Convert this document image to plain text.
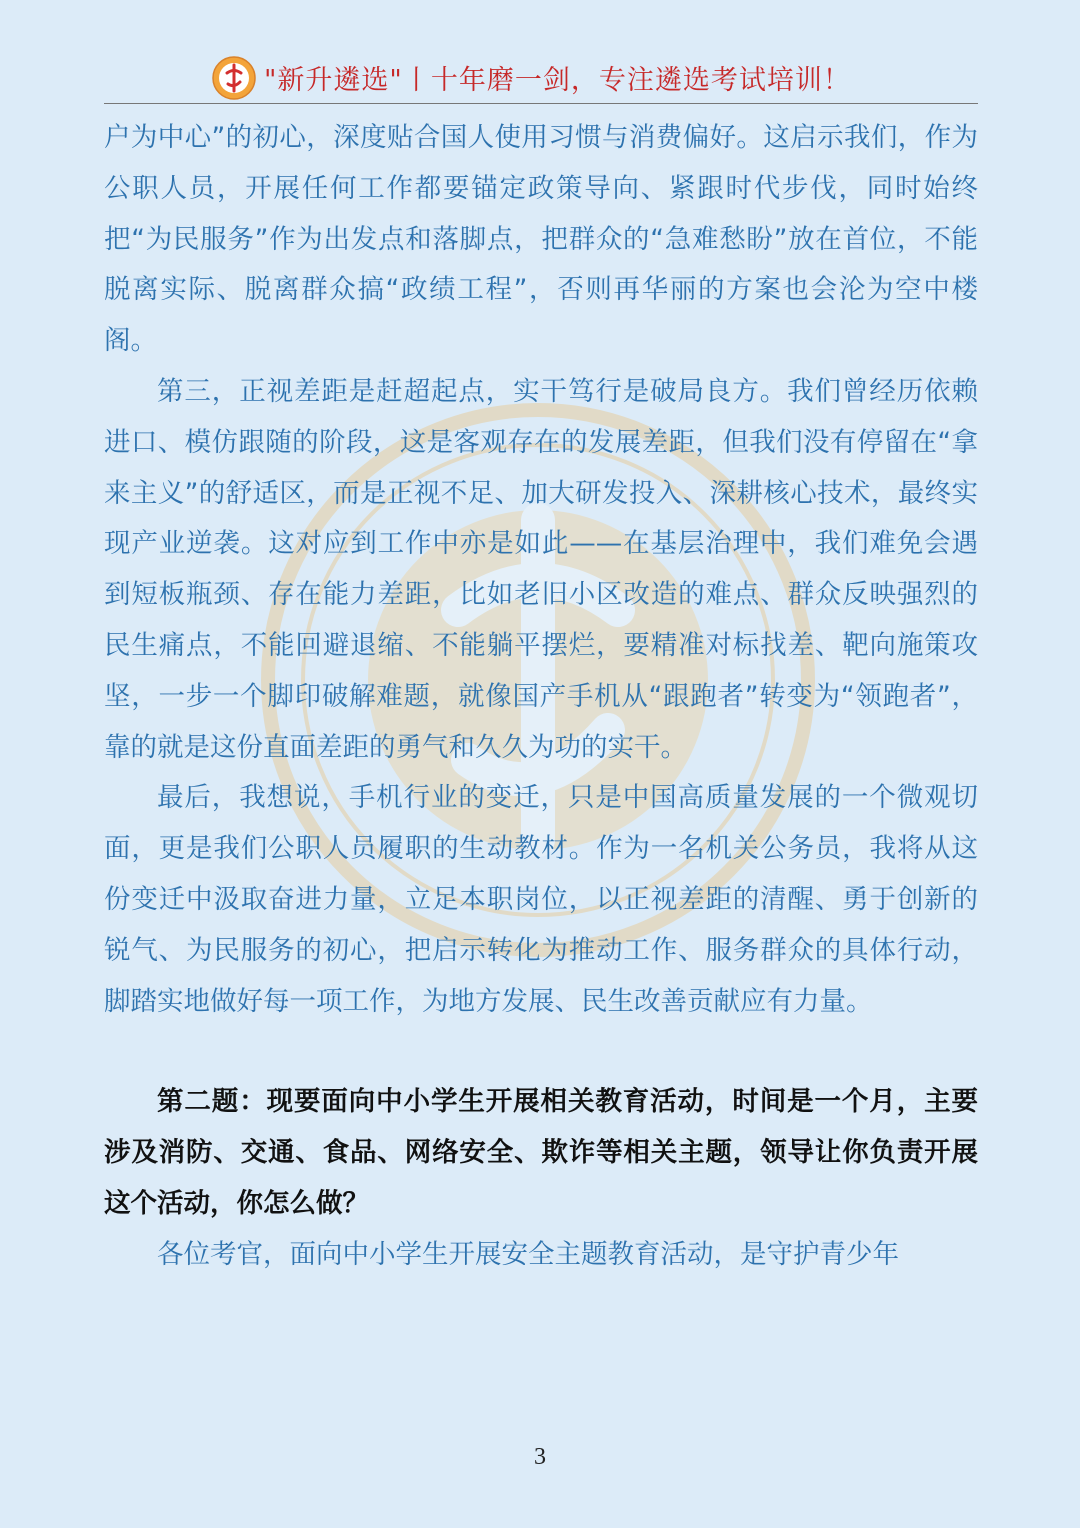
"新升遴选"丨十年磨一剑，专注遴选考试培训！

户为中心”的初心，深度贴合国人使用习惯与消费偏好。这启示我们，作为公职人员，开展任何工作都要锚定政策导向、紧跟时代步伐，同时始终把“为民服务”作为出发点和落脚点，把群众的“急难愁盼”放在首位，不能脱离实际、脱离群众搞“政绩工程”，否则再华丽的方案也会沦为空中楼阁。

第三，正视差距是赶超起点，实干笃行是破局良方。我们曾经历依赖进口、模仿跟随的阶段，这是客观存在的发展差距，但我们没有停留在“拿来主义”的舒适区，而是正视不足、加大研发投入、深耕核心技术，最终实现产业逆袭。这对应到工作中亦是如此——在基层治理中，我们难免会遇到短板瓶颈、存在能力差距，比如老旧小区改造的难点、群众反映强烈的民生痛点，不能回避退缩、不能躺平摆烂，要精准对标找差、靶向施策攻坚，一步一个脚印破解难题，就像国产手机从“跟跑者”转变为“领跑者”，靠的就是这份直面差距的勇气和久久为功的实干。

最后，我想说，手机行业的变迁，只是中国高质量发展的一个微观切面，更是我们公职人员履职的生动教材。作为一名机关公务员，我将从这份变迁中汲取奋进力量，立足本职岗位，以正视差距的清醒、勇于创新的锐气、为民服务的初心，把启示转化为推动工作、服务群众的具体行动，脚踏实地做好每一项工作，为地方发展、民生改善贡献应有力量。

第二题：现要面向中小学生开展相关教育活动，时间是一个月，主要涉及消防、交通、食品、网络安全、欺诈等相关主题，领导让你负责开展这个活动，你怎么做？

各位考官，面向中小学生开展安全主题教育活动，是守护青少年

3
